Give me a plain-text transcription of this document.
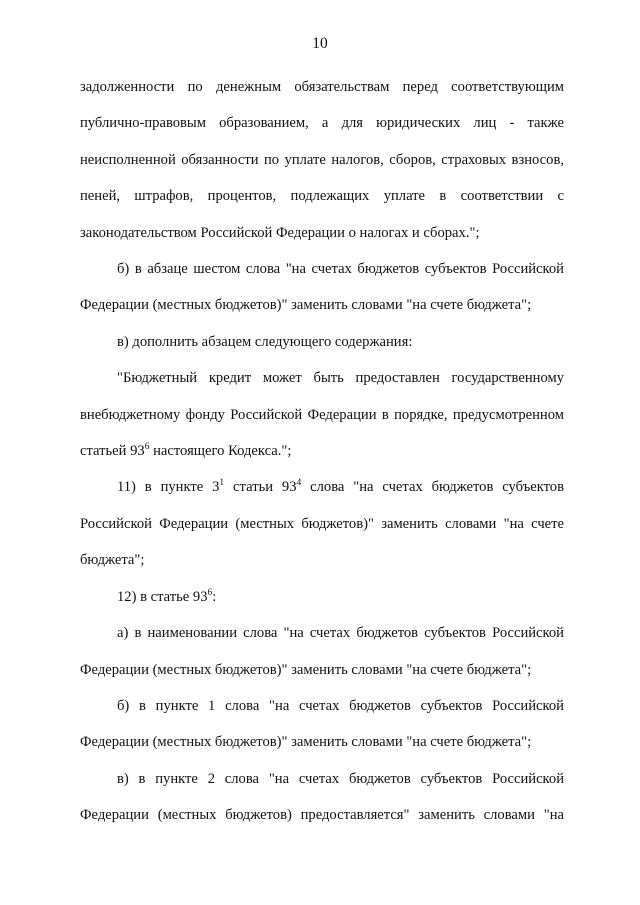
10

задолженности по денежным обязательствам перед соответствующим публично-правовым образованием, а для юридических лиц - также неисполненной обязанности по уплате налогов, сборов, страховых взносов, пеней, штрафов, процентов, подлежащих уплате в соответствии с законодательством Российской Федерации о налогах и сборах.";

б) в абзаце шестом слова "на счетах бюджетов субъектов Российской Федерации (местных бюджетов)" заменить словами "на счете бюджета";

в) дополнить абзацем следующего содержания:

"Бюджетный кредит может быть предоставлен государственному внебюджетному фонду Российской Федерации в порядке, предусмотренном статьей $93^6$ настоящего Кодекса.";

11) в пункте $3^1$ статьи $93^4$ слова "на счетах бюджетов субъектов Российской Федерации (местных бюджетов)" заменить словами "на счете бюджета";

12) в статье $93^6$:

а) в наименовании слова "на счетах бюджетов субъектов Российской Федерации (местных бюджетов)" заменить словами "на счете бюджета";

б) в пункте 1 слова "на счетах бюджетов субъектов Российской Федерации (местных бюджетов)" заменить словами "на счете бюджета";

в) в пункте 2 слова "на счетах бюджетов субъектов Российской Федерации (местных бюджетов) предоставляется" заменить словами "на
